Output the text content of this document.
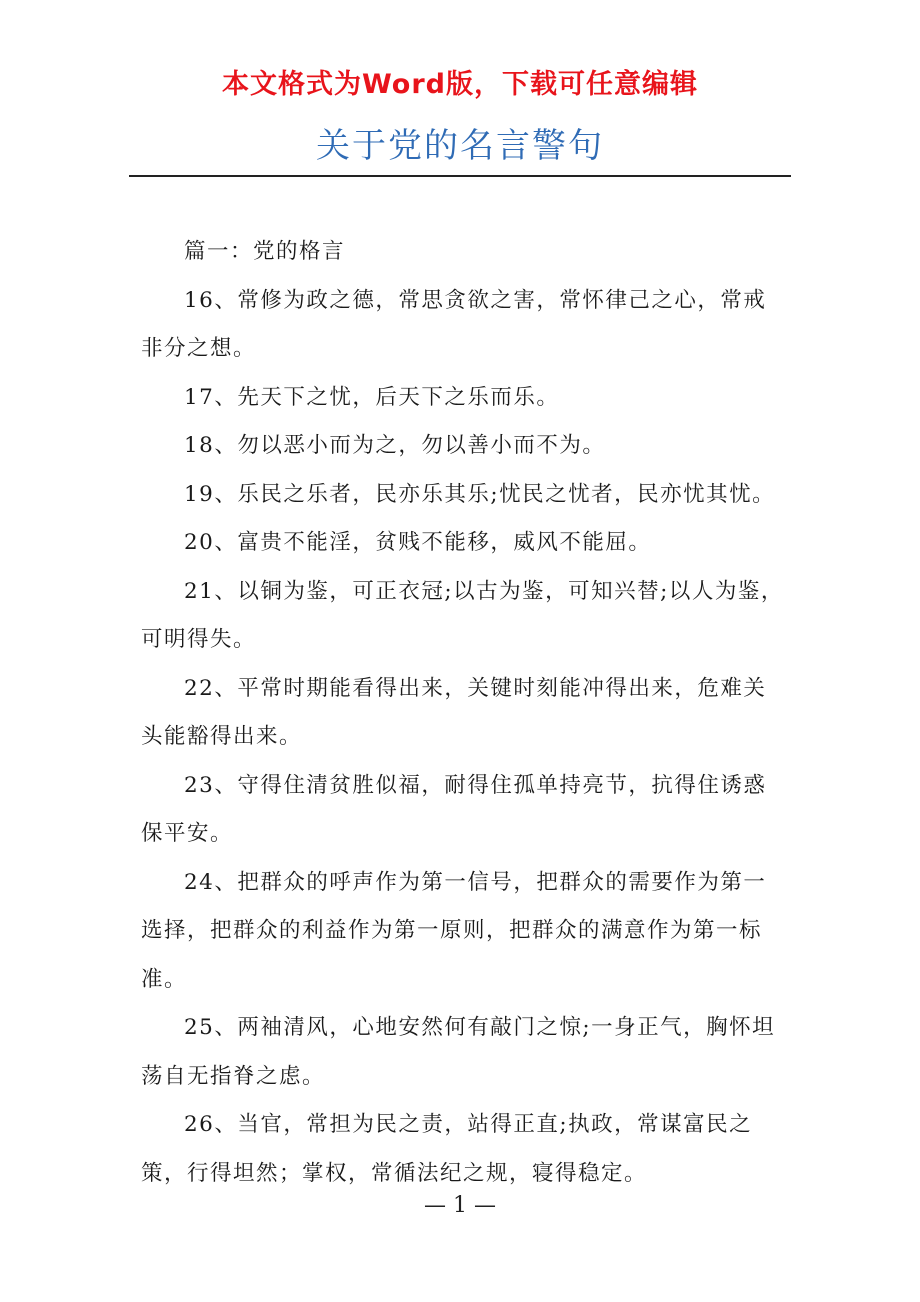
本文格式为Word版，下载可任意编辑
关于党的名言警句

篇一：党的格言

16、常修为政之德，常思贪欲之害，常怀律己之心，常戒非分之想。

17、先天下之忧，后天下之乐而乐。

18、勿以恶小而为之，勿以善小而不为。

19、乐民之乐者，民亦乐其乐;忧民之忧者，民亦忧其忧。

20、富贵不能淫，贫贱不能移，威风不能屈。

21、以铜为鉴，可正衣冠;以古为鉴，可知兴替;以人为鉴，可明得失。

22、平常时期能看得出来，关键时刻能冲得出来，危难关头能豁得出来。

23、守得住清贫胜似福，耐得住孤单持亮节，抗得住诱惑保平安。

24、把群众的呼声作为第一信号，把群众的需要作为第一选择，把群众的利益作为第一原则，把群众的满意作为第一标准。

25、两袖清风，心地安然何有敲门之惊;一身正气，胸怀坦荡自无指脊之虑。

26、当官，常担为民之责，站得正直;执政，常谋富民之策，行得坦然；掌权，常循法纪之规，寝得稳定。

— 1 —
